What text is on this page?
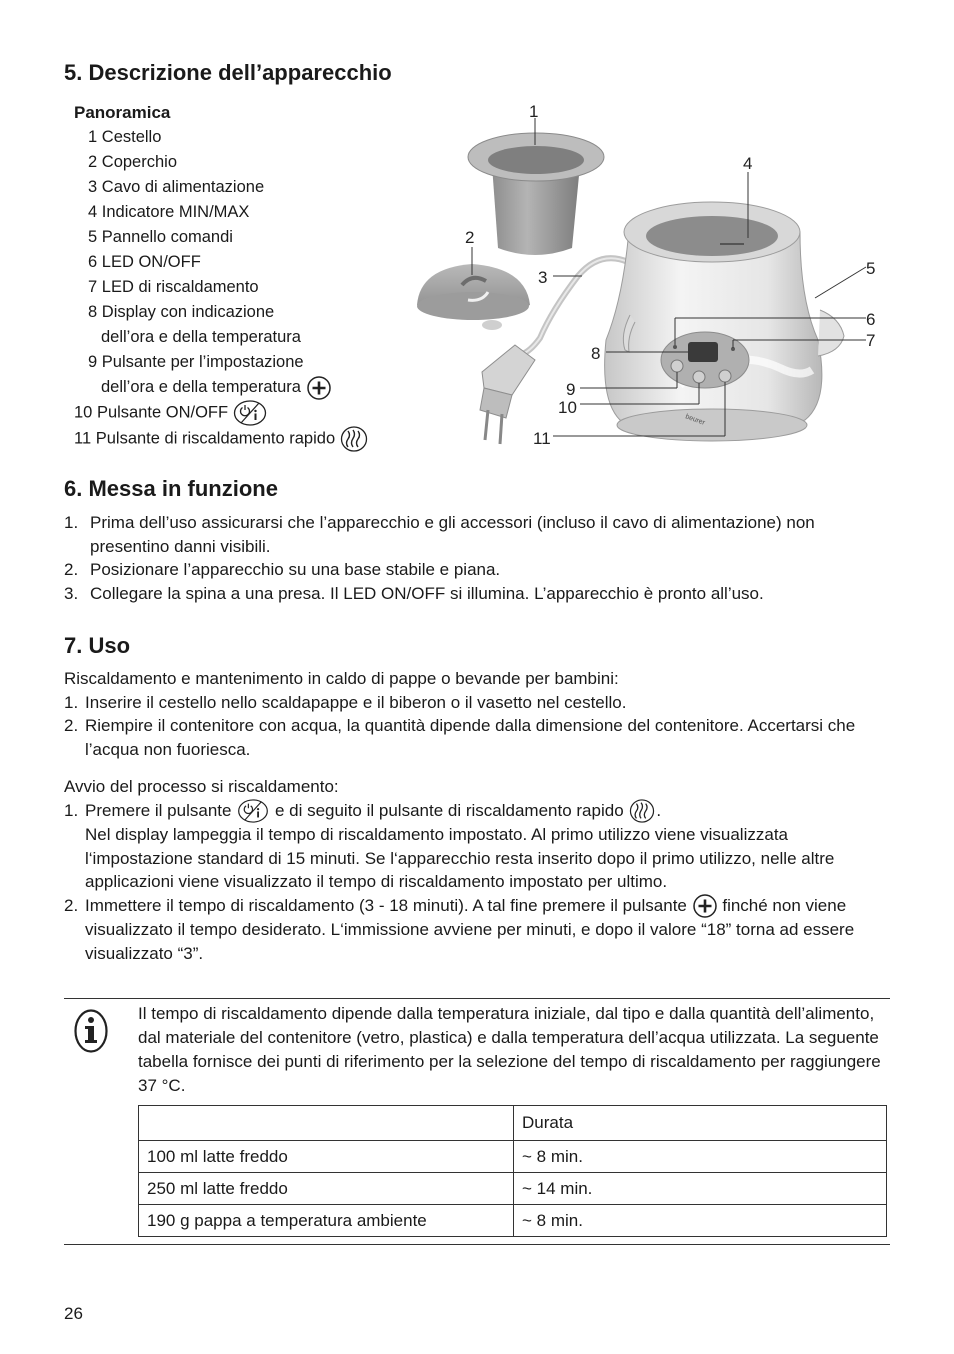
5. Descrizione dell’apparecchio
Panoramica
1 Cestello
2 Coperchio
3 Cavo di alimentazione
4 Indicatore MIN/MAX
5 Pannello comandi
6 LED ON/OFF
7 LED di riscaldamento
8 Display con indicazione
dell’ora e della temperatura
9 Pulsante per l’impostazione
dell’ora e della temperatura
10 Pulsante ON/OFF
11 Pulsante di riscaldamento rapido
beurer
1
2
3
4
5
6
7
8
9
10
11
6. Messa in funzione
1. Prima dell’uso assicurarsi che l’apparecchio e gli accessori (incluso il cavo di alimentazione) non presentino danni visibili.
2. Posizionare l’apparecchio su una base stabile e piana.
3. Collegare la spina a una presa. Il LED ON/OFF si illumina. L’apparecchio è pronto all’uso.
7. Uso
Riscaldamento e mantenimento in caldo di pappe o bevande per bambini:
1. Inserire il cestello nello scaldapappe e il biberon o il vasetto nel cestello.
2. Riempire il contenitore con acqua, la quantità dipende dalla dimensione del contenitore. Accertarsi che l’acqua non fuoriesca.
Avvio del processo si riscaldamento:
1. Premere il pulsante	e di seguito il pulsante di riscaldamento rapido .
Nel display lampeggia il tempo di riscaldamento impostato. Al primo utilizzo viene visualizzata l‘impostazione standard di 15 minuti. Se l‘apparecchio resta inserito dopo il primo utilizzo, nelle altre applicazioni viene visualizzato il tempo di riscaldamento impostato per ultimo.
2. Immettere il tempo di riscaldamento (3 - 18 minuti). A tal fine premere il pulsante finché non viene visualizzato il tempo desiderato. L‘immissione avviene per minuti, e dopo il valore “18” torna ad essere visualizzato “3”.
Il tempo di riscaldamento dipende dalla temperatura iniziale, dal tipo e dalla quantità dell’alimento, dal materiale del contenitore (vetro, plastica) e dalla temperatura dell’acqua utilizzata. La seguente tabella fornisce dei punti di riferimento per la selezione del tempo di riscaldamento per raggiungere 37 °C.
	Durata
100 ml latte freddo	~ 8 min.
250 ml latte freddo	~ 14 min.
190 g pappa a temperatura ambiente	~ 8 min.
26
